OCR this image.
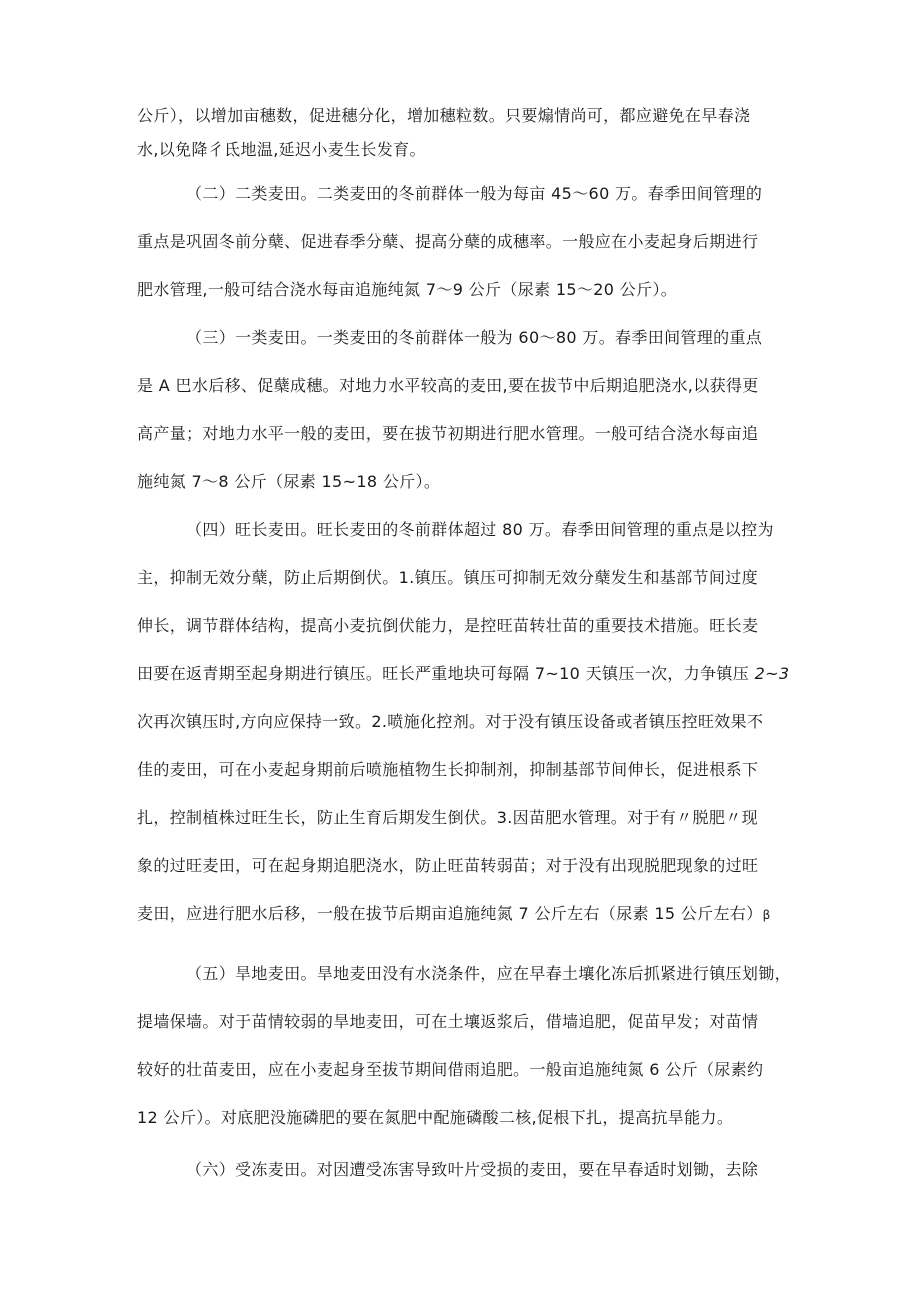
公斤），以增加亩穗数，促进穗分化，增加穗粒数。只要煽情尚可，都应避免在早春浇
水,以免降彳氐地温,延迟小麦生长发育。
（二）二类麦田。二类麦田的冬前群体一般为每亩 45～60 万。春季田间管理的
重点是巩固冬前分蘖、促进春季分蘖、提高分蘖的成穗率。一般应在小麦起身后期进行
肥水管理,一般可结合浇水每亩追施纯氮 7～9 公斤（尿素 15～20 公斤）。
（三）一类麦田。一类麦田的冬前群体一般为 60～80 万。春季田间管理的重点
是 A 巴水后移、促蘖成穗。对地力水平较高的麦田,要在拔节中后期追肥浇水,以获得更
高产量；对地力水平一般的麦田，要在拔节初期进行肥水管理。一般可结合浇水每亩追
施纯氮 7～8 公斤（尿素 15~18 公斤）。
（四）旺长麦田。旺长麦田的冬前群体超过 80 万。春季田间管理的重点是以控为
主，抑制无效分蘖，防止后期倒伏。1.镇压。镇压可抑制无效分蘖发生和基部节间过度
伸长，调节群体结构，提高小麦抗倒伏能力，是控旺苗转壮苗的重要技术措施。旺长麦
田要在返青期至起身期进行镇压。旺长严重地块可每隔 7~10 天镇压一次，力争镇压 2~3
次再次镇压时,方向应保持一致。2.喷施化控剂。对于没有镇压设备或者镇压控旺效果不
佳的麦田，可在小麦起身期前后喷施植物生长抑制剂，抑制基部节间伸长，促进根系下
扎，控制植株过旺生长，防止生育后期发生倒伏。3.因苗肥水管理。对于有〃脱肥〃现
象的过旺麦田，可在起身期追肥浇水，防止旺苗转弱苗；对于没有出现脱肥现象的过旺
麦田，应进行肥水后移，一般在拔节后期亩追施纯氮 7 公斤左右（尿素 15 公斤左右）β
（五）旱地麦田。旱地麦田没有水浇条件，应在早春土壤化冻后抓紧进行镇压划锄，
提墙保墙。对于苗情较弱的旱地麦田，可在土壤返浆后，借墙追肥，促苗早发；对苗情
较好的壮苗麦田，应在小麦起身至拔节期间借雨追肥。一般亩追施纯氮 6 公斤（尿素约
12 公斤）。对底肥没施磷肥的要在氮肥中配施磷酸二核,促根下扎，提高抗旱能力。
（六）受冻麦田。对因遭受冻害导致叶片受损的麦田，要在早春适时划锄，去除
